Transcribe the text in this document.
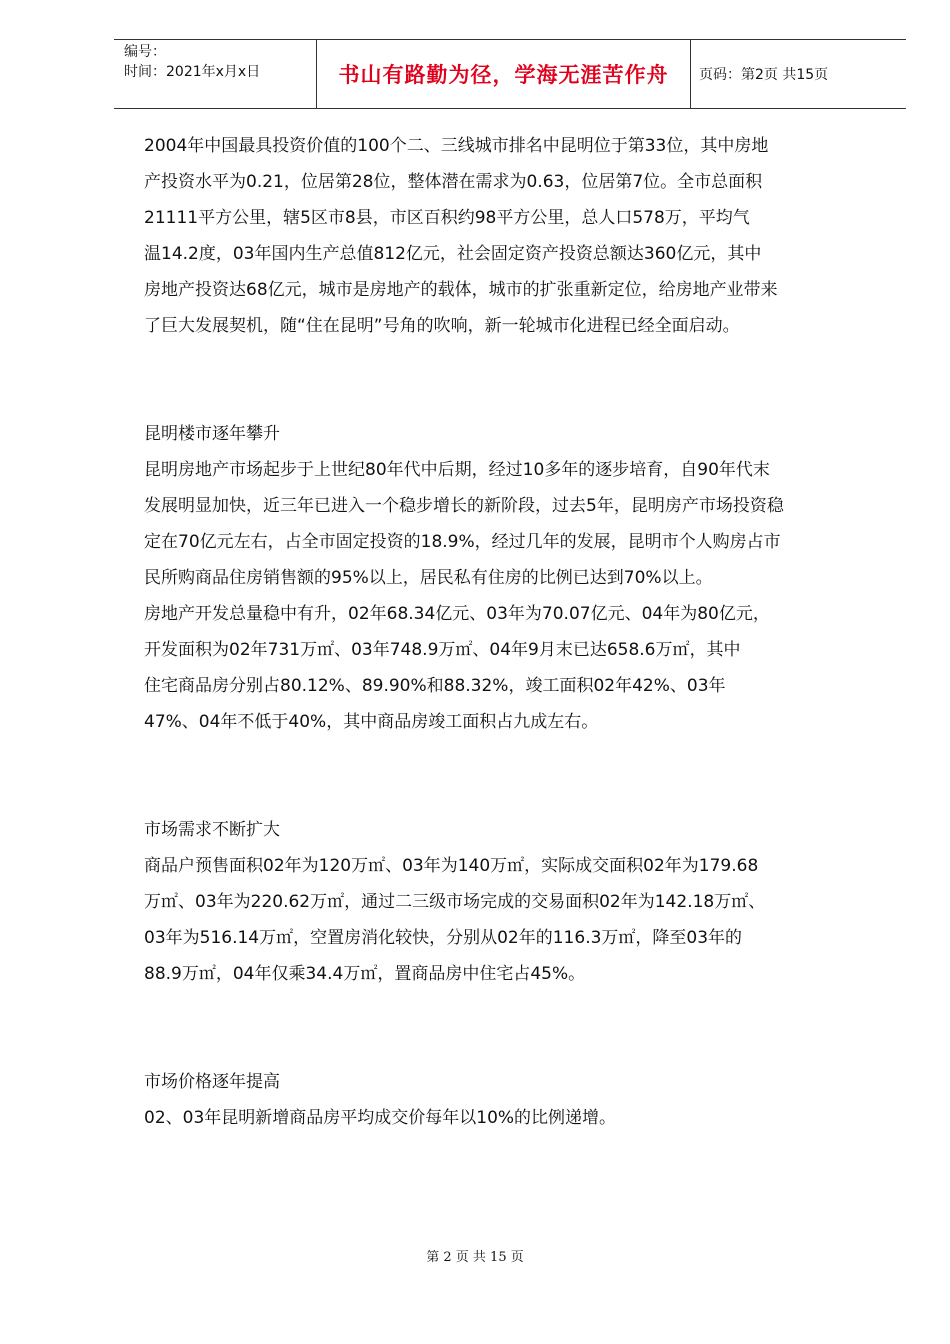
编号：
时间：2021年x月x日	书山有路勤为径，学海无涯苦作舟	页码：第2页 共15页

2004年中国最具投资价值的100个二、三线城市排名中昆明位于第33位，其中房地

产投资水平为0.21，位居第28位，整体潜在需求为0.63，位居第7位。全市总面积

21111平方公里，辖5区市8县，市区百积约98平方公里，总人口578万，平均气

温14.2度，03年国内生产总值812亿元，社会固定资产投资总额达360亿元，其中

房地产投资达68亿元，城市是房地产的载体，城市的扩张重新定位，给房地产业带来

了巨大发展契机，随“住在昆明”号角的吹响，新一轮城市化进程已经全面启动。

昆明楼市逐年攀升

昆明房地产市场起步于上世纪80年代中后期，经过10多年的逐步培育，自90年代末

发展明显加快，近三年已进入一个稳步增长的新阶段，过去5年，昆明房产市场投资稳

定在70亿元左右，占全市固定投资的18.9%，经过几年的发展，昆明市个人购房占市

民所购商品住房销售额的95%以上，居民私有住房的比例已达到70%以上。

房地产开发总量稳中有升，02年68.34亿元、03年为70.07亿元、04年为80亿元，

开发面积为02年731万㎡、03年748.9万㎡、04年9月末已达658.6万㎡，其中

住宅商品房分别占80.12%、89.90%和88.32%，竣工面积02年42%、03年

47%、04年不低于40%，其中商品房竣工面积占九成左右。

市场需求不断扩大

商品户预售面积02年为120万㎡、03年为140万㎡，实际成交面积02年为179.68

万㎡、03年为220.62万㎡，通过二三级市场完成的交易面积02年为142.18万㎡、

03年为516.14万㎡，空置房消化较快，分别从02年的116.3万㎡，降至03年的

88.9万㎡，04年仅乘34.4万㎡，置商品房中住宅占45%。

市场价格逐年提高

02、03年昆明新增商品房平均成交价每年以10%的比例递增。

第 2 页 共 15 页
